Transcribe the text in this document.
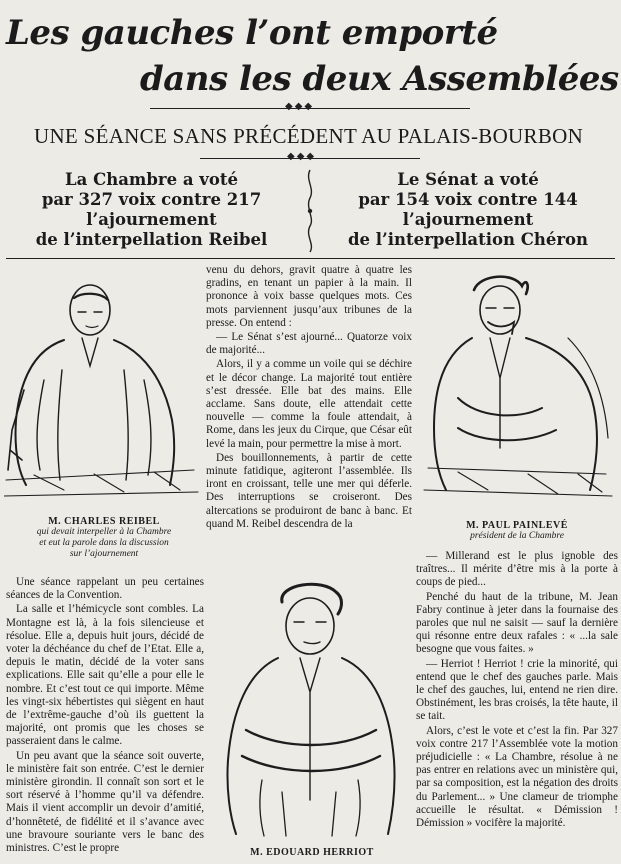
Les gauches l’ont emporté
dans les deux Assemblées
◆◆◆
UNE SÉANCE SANS PRÉCÉDENT AU PALAIS-BOURBON
◆◆◆
La Chambre a voté
par 327 voix contre 217
l’ajournement
de l’interpellation Reibel
Le Sénat a voté
par 154 voix contre 144
l’ajournement
de l’interpellation Chéron
M. CHARLES REIBEL
qui devait interpeller à la Chambre
et eut la parole dans la discussion
sur l’ajournement
M. PAUL PAINLEVÉ
président de la Chambre

venu du dehors, gravit quatre à quatre les gradins, en tenant un papier à la main. Il prononce à voix basse quelques mots. Ces mots parviennent jusqu’aux tribunes de la presse. On entend :

— Le Sénat s’est ajourné... Quatorze voix de majorité...

Alors, il y a comme un voile qui se déchire et le décor change. La majorité tout entière s’est dressée. Elle bat des mains. Elle acclame. Sans doute, elle attendait cette nouvelle — comme la foule attendait, à Rome, dans les jeux du Cirque, que César eût levé la main, pour permettre la mise à mort.

Des bouillonnements, à partir de cette minute fatidique, agiteront l’assemblée. Ils iront en croissant, telle une mer qui déferle. Des interruptions se croiseront. Des altercations se produiront de banc à banc. Et quand M. Reibel descendra de la

Une séance rappelant un peu certaines séances de la Convention.

La salle et l’hémicycle sont combles. La Montagne est là, à la fois silencieuse et résolue. Elle a, depuis huit jours, décidé de voter la déchéance du chef de l’Etat. Elle a, depuis le matin, décidé de la voter sans explications. Elle sait qu’elle a pour elle le nombre. Et c’est tout ce qui importe. Même les vingt-six hébertistes qui siègent en haut de l’extrême-gauche d’où ils guettent la majorité, ont promis que les choses se passeraient dans le calme.

Un peu avant que la séance soit ouverte, le ministère fait son entrée. C’est le dernier ministère girondin. Il connaît son sort et le sort réservé à l’homme qu’il va défendre. Mais il vient accomplir un devoir d’amitié, d’honnêteté, de fidélité et il s’avance avec une bravoure souriante vers le banc des ministres. C’est le propre	M. EDOUARD HERRIOT

— Millerand est le plus ignoble des traîtres... Il mérite d’être mis à la porte à coups de pied...

Penché du haut de la tribune, M. Jean Fabry continue à jeter dans la fournaise des paroles que nul ne saisit — sauf la dernière qui résonne entre deux rafales : « ...la sale besogne que vous faites. »

— Herriot ! Herriot ! crie la minorité, qui entend que le chef des gauches parle. Mais le chef des gauches, lui, entend ne rien dire. Obstinément, les bras croisés, la tête haute, il se tait.

Alors, c’est le vote et c’est la fin. Par 327 voix contre 217 l’Assemblée vote la motion préjudicielle : « La Chambre, résolue à ne pas entrer en relations avec un ministère qui, par sa composition, est la négation des droits du Parlement... » Une clameur de triomphe accueille le résultat. « Démission ! Démission » vocifère la majorité.
